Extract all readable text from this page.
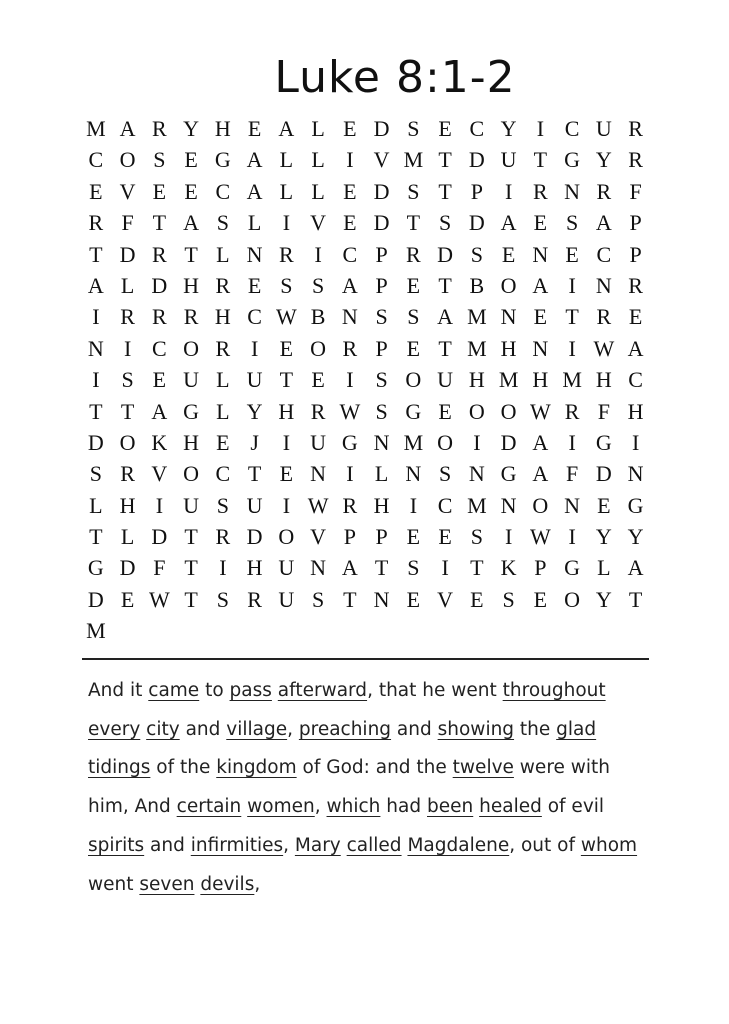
Luke 8:1-2
M A R Y H E A L E D S E C Y I C U R
C O S E G A L L I V M T D U T G Y R
E V E E C A L L E D S T P I R N R F
R F T A S L I V E D T S D A E S A P
T D R T L N R I C P R D S E N E C P
A L D H R E S S A P E T B O A I N R
I R R R H C W B N S S A M N E T R E
N I C O R I E O R P E T M H N I W A
I S E U L U T E I S O U H M H M H C
T T A G L Y H R W S G E O O W R F H
D O K H E J	I U G N M O I D A I G I
S R V O C T E N I L N S N G A F D N
L H I U S U I W R H I C M N O N E G
T L D T R D O V P P E E S I W I Y Y
G D F T I H U N A T S I T K P G L A
D E W T S R U S T N E V E S E O Y T
M
And it came to pass afterward, that he went throughout every city and village, preaching and showing the glad tidings of the kingdom of God: and the twelve were with him, And certain women, which had been healed of evil spirits and infirmities, Mary called Magdalene, out of whom went seven devils,
